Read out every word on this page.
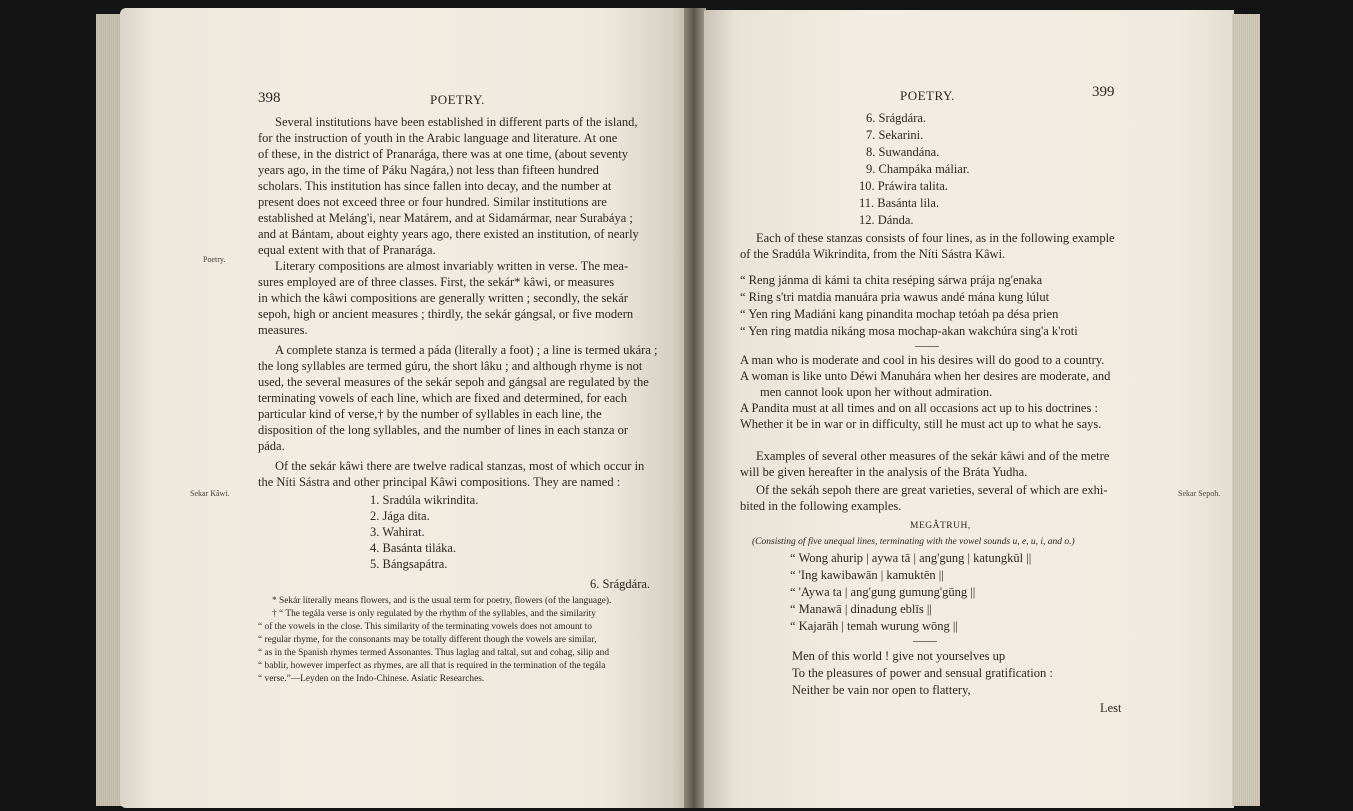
398	POETRY.
Poetry.
Sekar Kâwi.
Several institutions have been established in different parts of the island,
for the instruction of youth in the Arabic language and literature. At one
of these, in the district of Pranarága, there was at one time, (about seventy
years ago, in the time of Páku Nagára,) not less than fifteen hundred
scholars. This institution has since fallen into decay, and the number at
present does not exceed three or four hundred. Similar institutions are
established at Meláng'i, near Matárem, and at Sidamármar, near Surabáya ;
and at Bántam, about eighty years ago, there existed an institution, of nearly
equal extent with that of Pranarága.
Literary compositions are almost invariably written in verse. The mea-
sures employed are of three classes. First, the sekár* kâwi, or measures
in which the kâwi compositions are generally written ; secondly, the sekár
sepoh, high or ancient measures ; thirdly, the sekár gángsal, or five modern
measures.
A complete stanza is termed a páda (literally a foot) ; a line is termed ukára ;
the long syllables are termed gúru, the short lâku ; and although rhyme is not
used, the several measures of the sekár sepoh and gángsal are regulated by the
terminating vowels of each line, which are fixed and determined, for each
particular kind of verse,† by the number of syllables in each line, the
disposition of the long syllables, and the number of lines in each stanza or
páda.
Of the sekár kâwi there are twelve radical stanzas, most of which occur in
the Níti Sástra and other principal Kâwi compositions. They are named :
1. Sradúla wikrindita.
2. Jága dita.
3. Wahirat.
4. Basánta tiláka.
5. Bángsapátra.
6. Srágdára.
* Sekár literally means flowers, and is the usual term for poetry, flowers (of the language).
† “ The tegála verse is only regulated by the rhythm of the syllables, and the similarity
“ of the vowels in the close. This similarity of the terminating vowels does not amount to
“ regular rhyme, for the consonants may be totally different though the vowels are similar,
“ as in the Spanish rhymes termed Assonantes. Thus laglag and taltal, sut and cohag, silip and
“ bablir, however imperfect as rhymes, are all that is required in the termination of the tegála
“ verse.”—Leyden on the Indo-Chinese. Asiatic Researches.
POETRY.	399
6. Srágdára.
7. Sekarini.
8. Suwandána.
9. Champáka máliar.
10. Práwira talita.
11. Basánta lila.
12. Dánda.
Each of these stanzas consists of four lines, as in the following example
of the Sradúla Wikrindita, from the Níti Sástra Kâwi.
“ Reng jánma di kámi ta chita reséping sárwa prája ng'enaka
“ Ring s'tri matdia manuára pria wawus andé mána kung lúlut
“ Yen ring Madiáni kang pinandita mochap tetóah pa désa prien
“ Yen ring matdia nikáng mosa mochap-akan wakchúra sing'a k'roti
A man who is moderate and cool in his desires will do good to a country.
A woman is like unto Déwi Manuhára when her desires are moderate, and
men cannot look upon her without admiration.
A Pandita must at all times and on all occasions act up to his doctrines :
Whether it be in war or in difficulty, still he must act up to what he says.
Examples of several other measures of the sekár kâwi and of the metre
will be given hereafter in the analysis of the Bráta Yudha.
Of the sekáh sepoh there are great varieties, several of which are exhi-
bited in the following examples.
Sekar Sepoh.
MEGÂTRUH,
(Consisting of five unequal lines, terminating with the vowel sounds u, e, u, i, and o.)
“ Wong ahurip | aywa tā | ang'gung | katungkūl ||
“ 'Ing kawibawān | kamuktēn ||
“ 'Aywa ta | ang'gung gumung'gūng ||
“ Manawā | dinadung eblīs ||
“ Kajarāh | temah wurung wōng ||
Men of this world ! give not yourselves up
To the pleasures of power and sensual gratification :
Neither be vain nor open to flattery,
Lest
